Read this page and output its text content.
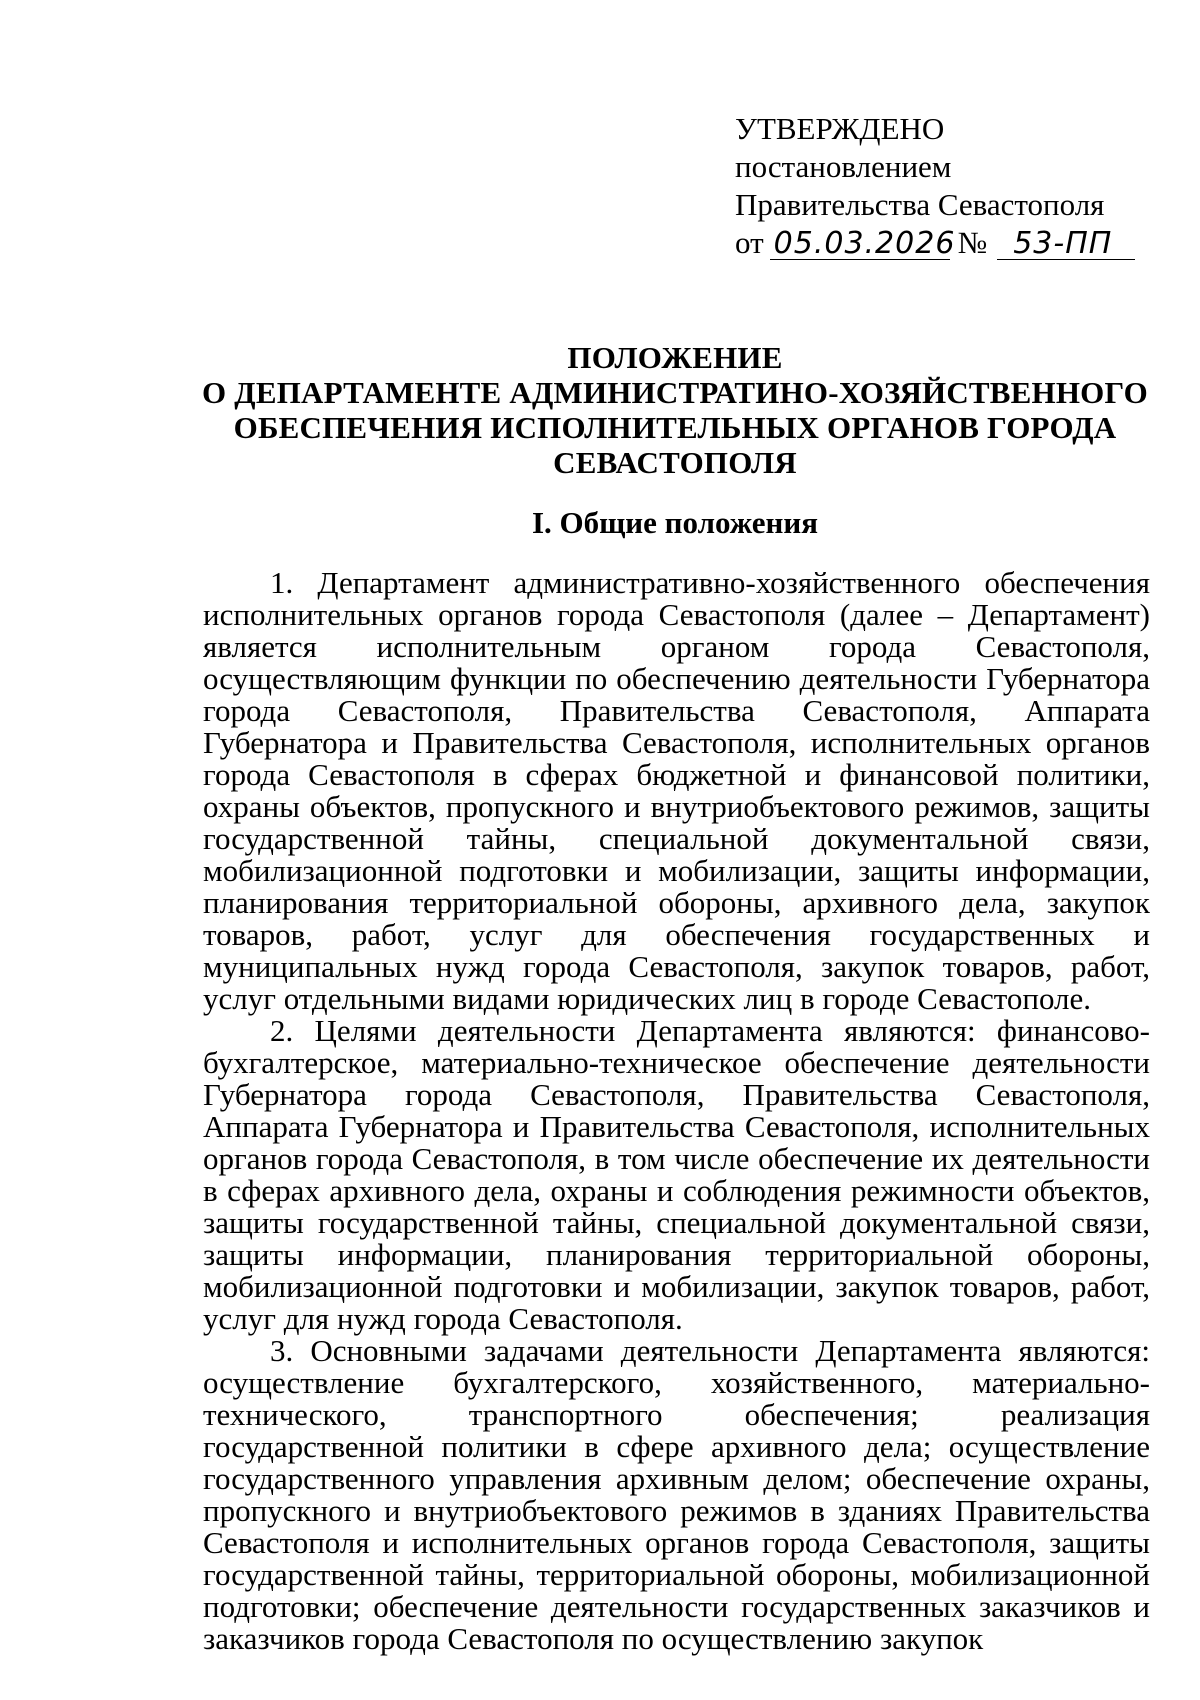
УТВЕРЖДЕНО
постановлением
Правительства Севастополя
от 05.03.2026 № 53-ПП
ПОЛОЖЕНИЕ
О ДЕПАРТАМЕНТЕ АДМИНИСТРАТИНО-ХОЗЯЙСТВЕННОГО
ОБЕСПЕЧЕНИЯ ИСПОЛНИТЕЛЬНЫХ ОРГАНОВ ГОРОДА
СЕВАСТОПОЛЯ
I. Общие положения

1. Департамент административно-хозяйственного обеспечения исполнительных органов города Севастополя (далее – Департамент) является исполнительным органом города Севастополя, осуществляющим функции по обеспечению деятельности Губернатора города Севастополя, Правительства Севастополя, Аппарата Губернатора и Правительства Севастополя, исполнительных органов города Севастополя в сферах бюджетной и финансовой политики, охраны объектов, пропускного и внутриобъектового режимов, защиты государственной тайны, специальной документальной связи, мобилизационной подготовки и мобилизации, защиты информации, планирования территориальной обороны, архивного дела, закупок товаров, работ, услуг для обеспечения государственных и муниципальных нужд города Севастополя, закупок товаров, работ, услуг отдельными видами юридических лиц в городе Севастополе.

2. Целями деятельности Департамента являются: финансово-бухгалтерское, материально-техническое обеспечение деятельности Губернатора города Севастополя, Правительства Севастополя, Аппарата Губернатора и Правительства Севастополя, исполнительных органов города Севастополя, в том числе обеспечение их деятельности в сферах архивного дела, охраны и соблюдения режимности объектов, защиты государственной тайны, специальной документальной связи, защиты информации, планирования территориальной обороны, мобилизационной подготовки и мобилизации, закупок товаров, работ, услуг для нужд города Севастополя.

3. Основными задачами деятельности Департамента являются: осуществление бухгалтерского, хозяйственного, материально-технического, транспортного обеспечения; реализация государственной политики в сфере архивного дела; осуществление государственного управления архивным делом; обеспечение охраны, пропускного и внутриобъектового режимов в зданиях Правительства Севастополя и исполнительных органов города Севастополя, защиты государственной тайны, территориальной обороны, мобилизационной подготовки; обеспечение деятельности государственных заказчиков и заказчиков города Севастополя по осуществлению закупок
